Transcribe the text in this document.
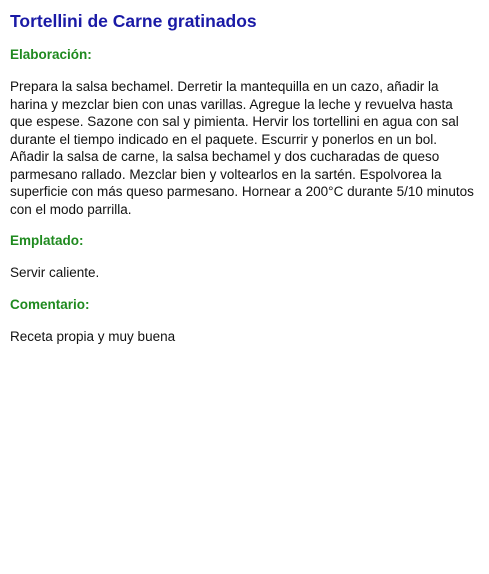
Tortellini de Carne gratinados
Elaboración:

Prepara la salsa bechamel. Derretir la mantequilla en un cazo, añadir la harina y mezclar bien con unas varillas. Agregue la leche y revuelva hasta que espese. Sazone con sal y pimienta. Hervir los tortellini en agua con sal durante el tiempo indicado en el paquete. Escurrir y ponerlos en un bol. Añadir la salsa de carne, la salsa bechamel y dos cucharadas de queso parmesano rallado. Mezclar bien y voltearlos en la sartén. Espolvorea la superficie con más queso parmesano. Hornear a 200°C durante 5/10 minutos con el modo parrilla.

Emplatado:

Servir caliente.

Comentario:

Receta propia y muy buena
